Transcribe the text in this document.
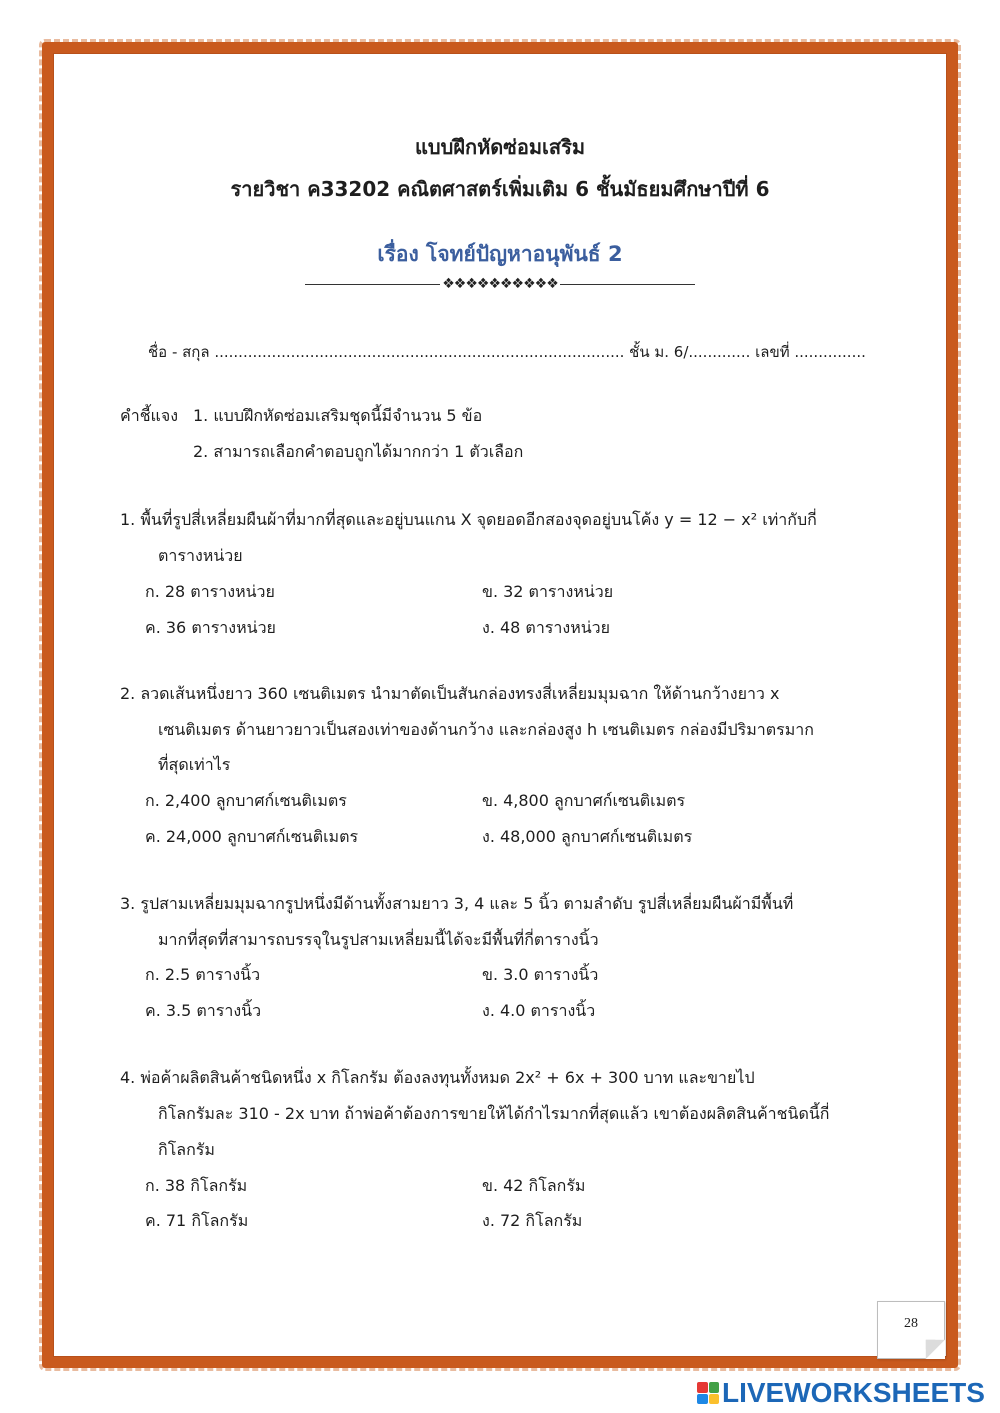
แบบฝึกหัดซ่อมเสริม
รายวิชา ค33202 คณิตศาสตร์เพิ่มเติม 6 ชั้นมัธยมศึกษาปีที่ 6
เรื่อง โจทย์ปัญหาอนุพันธ์ 2
❖❖❖❖❖❖❖❖❖❖
ชื่อ - สกุล ...................................................................................... ชั้น ม. 6/............. เลขที่ ...............
คำชี้แจง 1. แบบฝึกหัดซ่อมเสริมชุดนี้มีจำนวน 5 ข้อ
2. สามารถเลือกคำตอบถูกได้มากกว่า 1 ตัวเลือก
1. พื้นที่รูปสี่เหลี่ยมผืนผ้าที่มากที่สุดและอยู่บนแกน X จุดยอดอีกสองจุดอยู่บนโค้ง y = 12 − x² เท่ากับกี่
ตารางหน่วย
ก. 28 ตารางหน่วย	ข. 32 ตารางหน่วย
ค. 36 ตารางหน่วย	ง. 48 ตารางหน่วย
2. ลวดเส้นหนึ่งยาว 360 เซนติเมตร นำมาตัดเป็นสันกล่องทรงสี่เหลี่ยมมุมฉาก ให้ด้านกว้างยาว x
เซนติเมตร ด้านยาวยาวเป็นสองเท่าของด้านกว้าง และกล่องสูง h เซนติเมตร กล่องมีปริมาตรมาก
ที่สุดเท่าไร
ก. 2,400 ลูกบาศก์เซนติเมตร	ข. 4,800 ลูกบาศก์เซนติเมตร
ค. 24,000 ลูกบาศก์เซนติเมตร	ง. 48,000 ลูกบาศก์เซนติเมตร
3. รูปสามเหลี่ยมมุมฉากรูปหนึ่งมีด้านทั้งสามยาว 3, 4 และ 5 นิ้ว ตามลำดับ รูปสี่เหลี่ยมผืนผ้ามีพื้นที่
มากที่สุดที่สามารถบรรจุในรูปสามเหลี่ยมนี้ได้จะมีพื้นที่กี่ตารางนิ้ว
ก. 2.5 ตารางนิ้ว	ข. 3.0 ตารางนิ้ว
ค. 3.5 ตารางนิ้ว	ง. 4.0 ตารางนิ้ว
4. พ่อค้าผลิตสินค้าชนิดหนึ่ง x กิโลกรัม ต้องลงทุนทั้งหมด 2x² + 6x + 300 บาท และขายไป
กิโลกรัมละ 310 - 2x บาท ถ้าพ่อค้าต้องการขายให้ได้กำไรมากที่สุดแล้ว เขาต้องผลิตสินค้าชนิดนี้กี่
กิโลกรัม
ก. 38 กิโลกรัม	ข. 42 กิโลกรัม
ค. 71 กิโลกรัม	ง. 72 กิโลกรัม
28
LIVEWORKSHEETS
